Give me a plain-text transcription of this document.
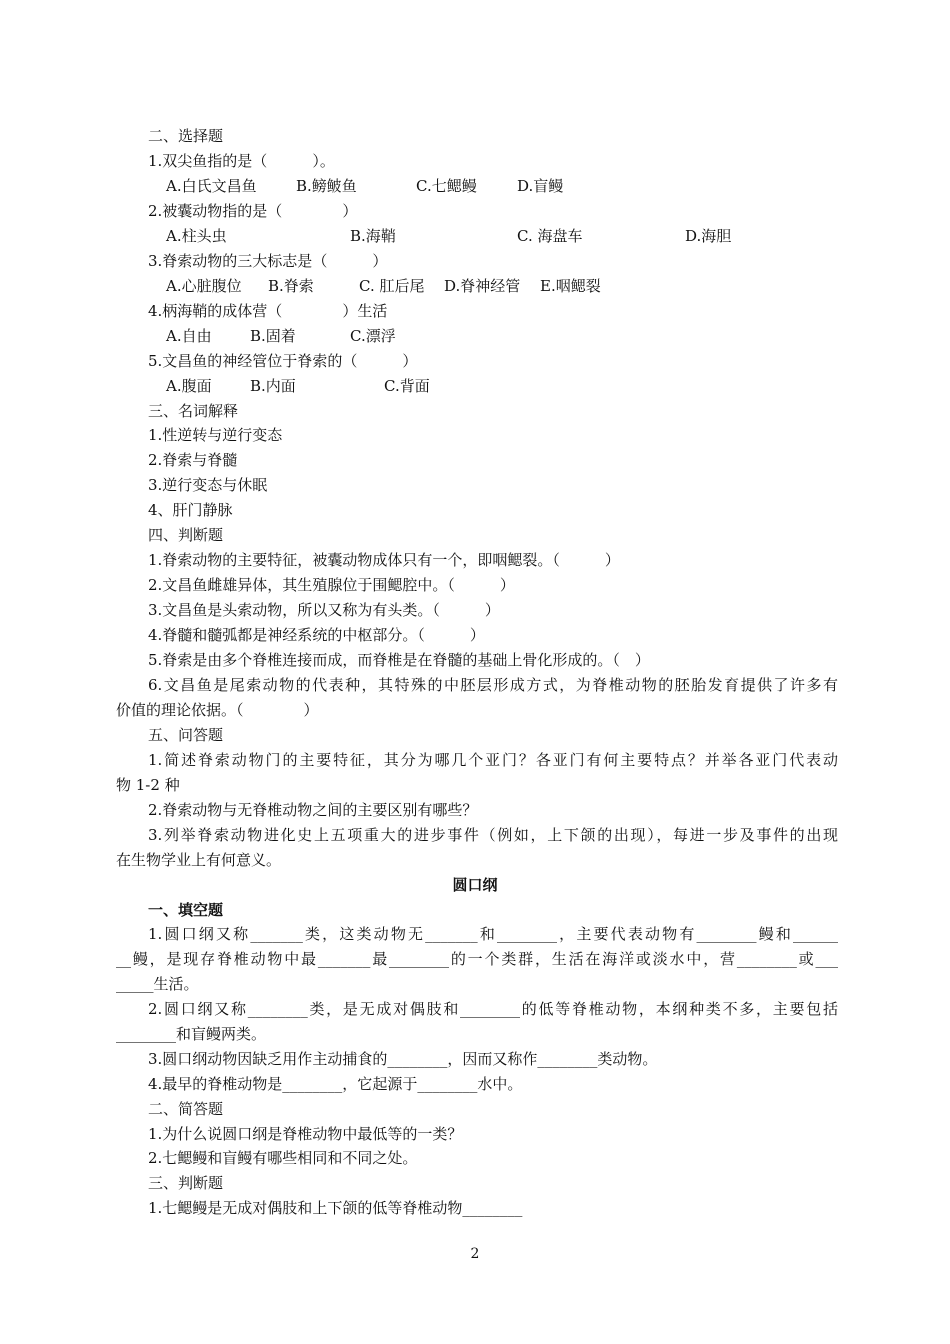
二、选择题
1.双尖鱼指的是（　　　）。
A.白氏文昌鱼	B.鳑鲏鱼	C.七鳃鳗	D.盲鳗
2.被囊动物指的是（　　　　）
A.柱头虫	B.海鞘	C. 海盘车	D.海胆
3.脊索动物的三大标志是（　　　）
A.心脏腹位 B.脊索	C. 肛后尾 D.脊神经管 E.咽鳃裂
4.柄海鞘的成体营（　　　　）生活
A.自由	B.固着	C.漂浮
5.文昌鱼的神经管位于脊索的（　　　）
A.腹面	B.内面	C.背面
三、名词解释
1.性逆转与逆行变态
2.脊索与脊髓
3.逆行变态与休眠
4、肝门静脉
四、判断题
1.脊索动物的主要特征，被囊动物成体只有一个，即咽鳃裂。（　　　）
2.文昌鱼雌雄异体，其生殖腺位于围鳃腔中。（　　　）
3.文昌鱼是头索动物，所以又称为有头类。（　　　）
4.脊髓和髓弧都是神经系统的中枢部分。（　　　）
5.脊索是由多个脊椎连接而成，而脊椎是在脊髓的基础上骨化形成的。（　）
6.文昌鱼是尾索动物的代表种，其特殊的中胚层形成方式，为脊椎动物的胚胎发育提供了许多有
价值的理论依据。（　　　　）
五、问答题
1.简述脊索动物门的主要特征，其分为哪几个亚门？各亚门有何主要特点？并举各亚门代表动
物 1-2 种
2.脊索动物与无脊椎动物之间的主要区别有哪些？
3.列举脊索动物进化史上五项重大的进步事件（例如，上下颌的出现），每进一步及事件的出现
在生物学业上有何意义。
圆口纲
一、填空题
1.圆口纲又称_______类，这类动物无_______和________，主要代表动物有________鳗和______
__鳗，是现存脊椎动物中最_______最________的一个类群，生活在海洋或淡水中，营________或___
_____生活。
2.圆口纲又称________类，是无成对偶肢和________的低等脊椎动物，本纲种类不多，主要包括
________和盲鳗两类。
3.圆口纲动物因缺乏用作主动捕食的________，因而又称作________类动物。
4.最早的脊椎动物是________，它起源于________水中。
二、简答题
1.为什么说圆口纲是脊椎动物中最低等的一类？
2.七鳃鳗和盲鳗有哪些相同和不同之处。
三、判断题
1.七鳃鳗是无成对偶肢和上下颌的低等脊椎动物________
2
